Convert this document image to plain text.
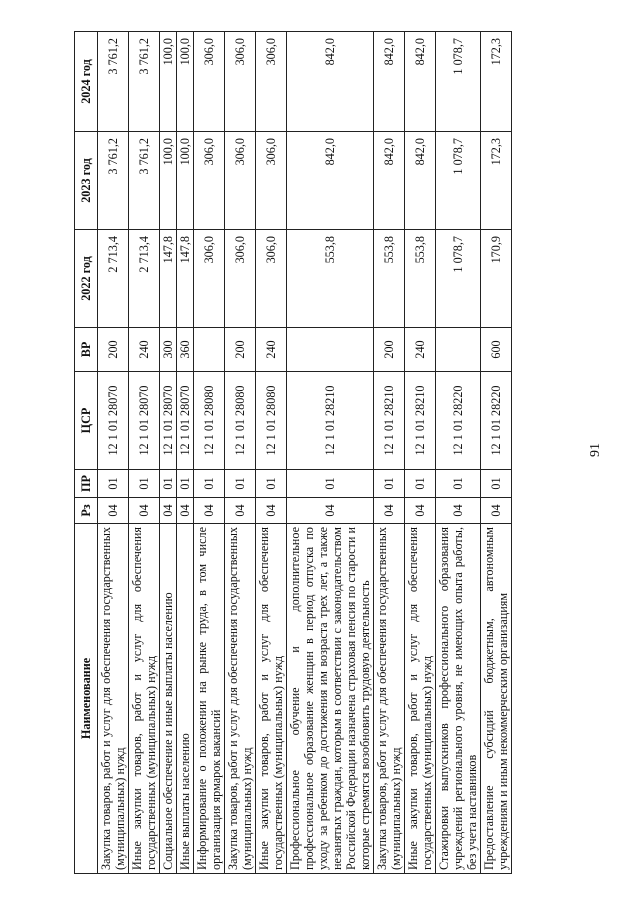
91
Наименование	Рз	ПР	ЦСР	ВР	2022 год	2023 год	2024 год
Закупка товаров, работ и услуг для обеспечения государственных (муниципальных) нужд	04	01	12 1 01 28070	200	2 713,4	3 761,2	3 761,2
Иные закупки товаров, работ и услуг для обеспечения государственных (муниципальных) нужд	04	01	12 1 01 28070	240	2 713,4	3 761,2	3 761,2
Социальное обеспечение и иные выплаты населению	04	01	12 1 01 28070	300	147,8	100,0	100,0
Иные выплаты населению	04	01	12 1 01 28070	360	147,8	100,0	100,0
Информирование о положении на рынке труда, в том числе организация ярмарок вакансий	04	01	12 1 01 28080		306,0	306,0	306,0
Закупка товаров, работ и услуг для обеспечения государственных (муниципальных) нужд	04	01	12 1 01 28080	200	306,0	306,0	306,0
Иные закупки товаров, работ и услуг для обеспечения государственных (муниципальных) нужд	04	01	12 1 01 28080	240	306,0	306,0	306,0
Профессиональное обучение и дополнительное профессиональное образование женщин в период отпуска по уходу за ребенком до достижения им возраста трех лет, а также незанятых граждан, которым в соответствии с законодательством Российской Федерации назначена страховая пенсия по старости и которые стремятся возобновить трудовую деятельность	04	01	12 1 01 28210		553,8	842,0	842,0
Закупка товаров, работ и услуг для обеспечения государственных (муниципальных) нужд	04	01	12 1 01 28210	200	553,8	842,0	842,0
Иные закупки товаров, работ и услуг для обеспечения государственных (муниципальных) нужд	04	01	12 1 01 28210	240	553,8	842,0	842,0
Стажировки выпускников профессионального образования учреждений регионального уровня, не имеющих опыта работы, без учета наставников	04	01	12 1 01 28220		1 078,7	1 078,7	1 078,7
Предоставление субсидий бюджетным, автономным учреждениям и иным некоммерческим организациям	04	01	12 1 01 28220	600	170,9	172,3	172,3
